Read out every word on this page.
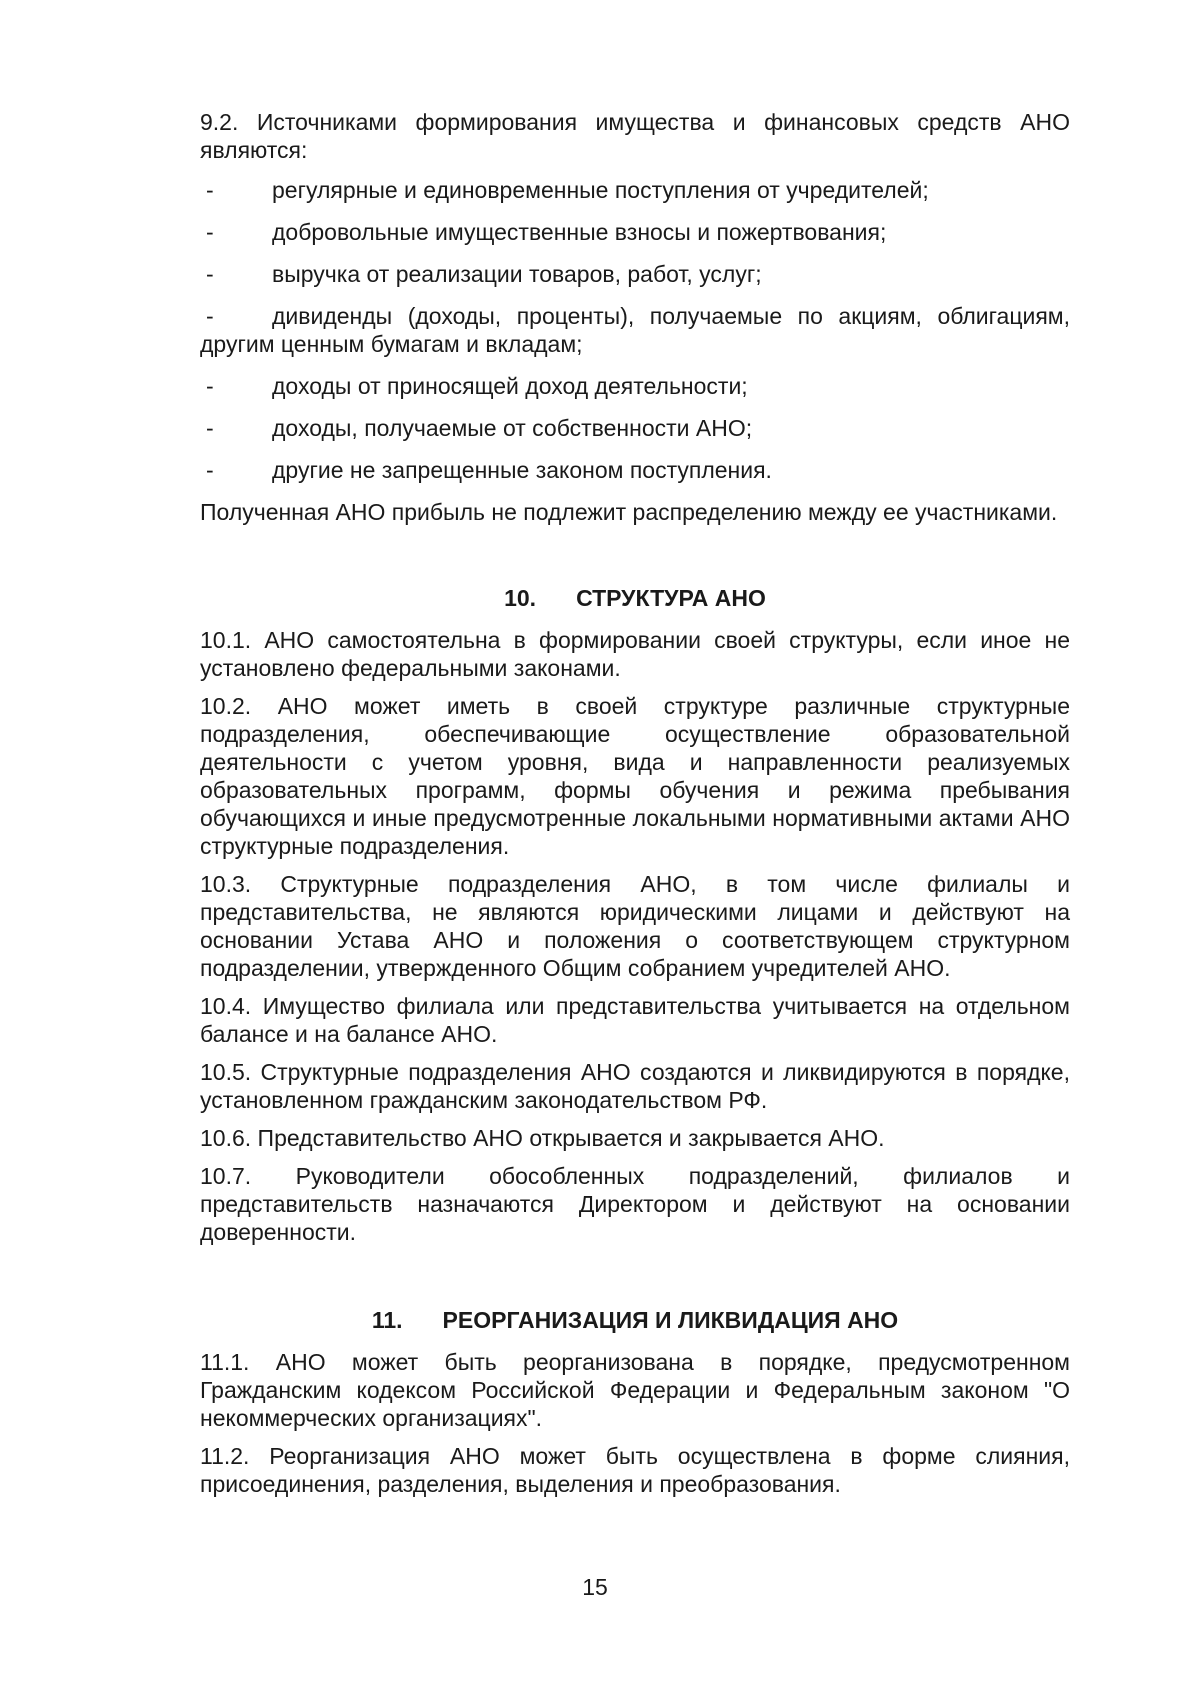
9.2. Источниками формирования имущества и финансовых средств АНО являются:

-	регулярные и единовременные поступления от учредителей;
-	добровольные имущественные взносы и пожертвования;
-	выручка от реализации товаров, работ, услуг;
-	дивиденды (доходы, проценты), получаемые по акциям, облигациям, другим ценным бумагам и вкладам;
-	доходы от приносящей доход деятельности;
-	доходы, получаемые от собственности АНО;
-	другие не запрещенные законом поступления.

Полученная АНО прибыль не подлежит распределению между ее участниками.

10. СТРУКТУРА АНО

10.1. АНО самостоятельна в формировании своей структуры, если иное не установлено федеральными законами.

10.2. АНО может иметь в своей структуре различные структурные подразделения, обеспечивающие осуществление образовательной деятельности с учетом уровня, вида и направленности реализуемых образовательных программ, формы обучения и режима пребывания обучающихся и иные предусмотренные локальными нормативными актами АНО структурные подразделения.

10.3. Структурные подразделения АНО, в том числе филиалы и представительства, не являются юридическими лицами и действуют на основании Устава АНО и положения о соответствующем структурном подразделении, утвержденного Общим собранием учредителей АНО.

10.4. Имущество филиала или представительства учитывается на отдельном балансе и на балансе АНО.

10.5. Структурные подразделения АНО создаются и ликвидируются в порядке, установленном гражданским законодательством РФ.

10.6. Представительство АНО открывается и закрывается АНО.

10.7. Руководители обособленных подразделений, филиалов и представительств назначаются Директором и действуют на основании доверенности.

11. РЕОРГАНИЗАЦИЯ И ЛИКВИДАЦИЯ АНО

11.1. АНО может быть реорганизована в порядке, предусмотренном Гражданским кодексом Российской Федерации и Федеральным законом "О некоммерческих организациях".

11.2. Реорганизация АНО может быть осуществлена в форме слияния, присоединения, разделения, выделения и преобразования.

15
